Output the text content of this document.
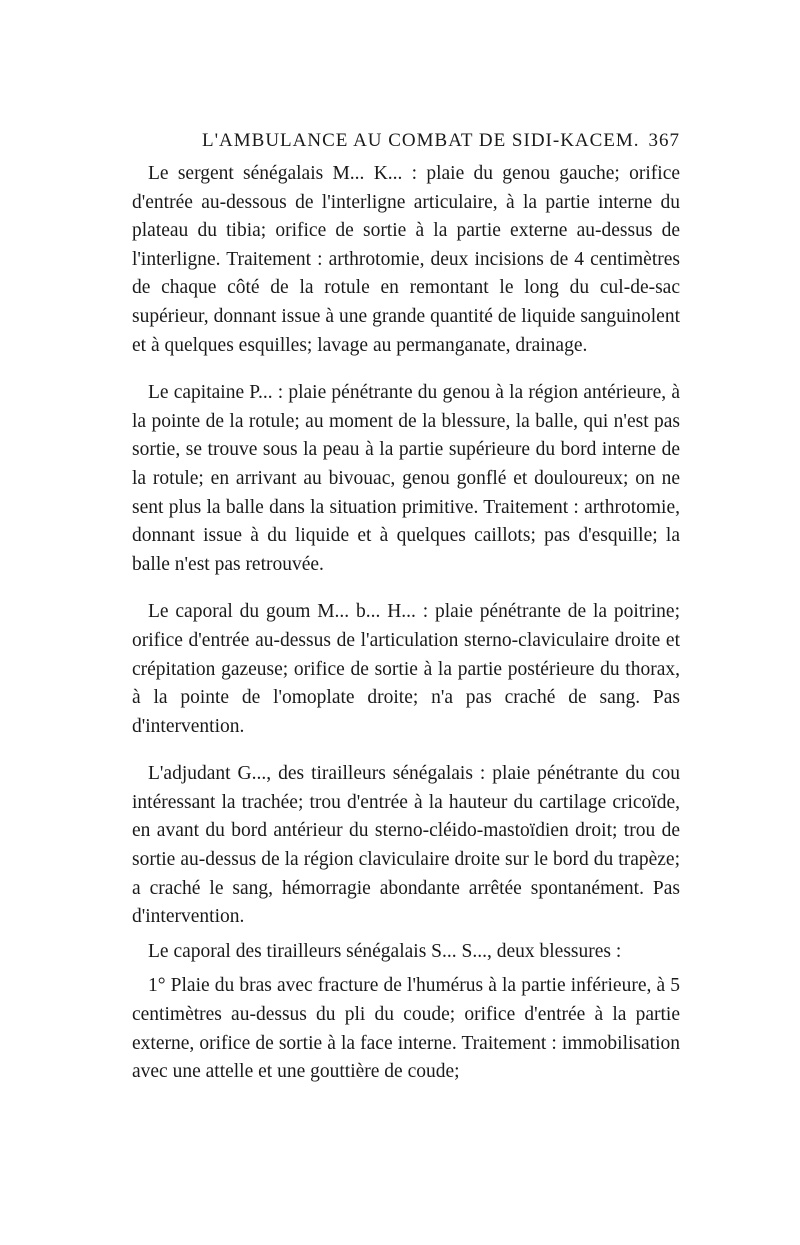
L'AMBULANCE AU COMBAT DE SIDI-KACEM. 367

Le sergent sénégalais M... K... : plaie du genou gauche; orifice d'entrée au-dessous de l'interligne articulaire, à la partie interne du plateau du tibia; orifice de sortie à la partie externe au-dessus de l'interligne. Traitement : arthrotomie, deux incisions de 4 centimètres de chaque côté de la rotule en remontant le long du cul-de-sac supérieur, donnant issue à une grande quantité de liquide sanguinolent et à quelques esquilles; lavage au permanganate, drainage.

Le capitaine P... : plaie pénétrante du genou à la région antérieure, à la pointe de la rotule; au moment de la blessure, la balle, qui n'est pas sortie, se trouve sous la peau à la partie supérieure du bord interne de la rotule; en arrivant au bivouac, genou gonflé et douloureux; on ne sent plus la balle dans la situation primitive. Traitement : arthrotomie, donnant issue à du liquide et à quelques caillots; pas d'esquille; la balle n'est pas retrouvée.

Le caporal du goum M... b... H... : plaie pénétrante de la poitrine; orifice d'entrée au-dessus de l'articulation sterno-claviculaire droite et crépitation gazeuse; orifice de sortie à la partie postérieure du thorax, à la pointe de l'omoplate droite; n'a pas craché de sang. Pas d'intervention.

L'adjudant G..., des tirailleurs sénégalais : plaie pénétrante du cou intéressant la trachée; trou d'entrée à la hauteur du cartilage cricoïde, en avant du bord antérieur du sterno-cléido-mastoïdien droit; trou de sortie au-dessus de la région claviculaire droite sur le bord du trapèze; a craché le sang, hémorragie abondante arrêtée spontanément. Pas d'intervention.

Le caporal des tirailleurs sénégalais S... S..., deux blessures :

1° Plaie du bras avec fracture de l'humérus à la partie inférieure, à 5 centimètres au-dessus du pli du coude; orifice d'entrée à la partie externe, orifice de sortie à la face interne. Traitement : immobilisation avec une attelle et une gouttière de coude;
